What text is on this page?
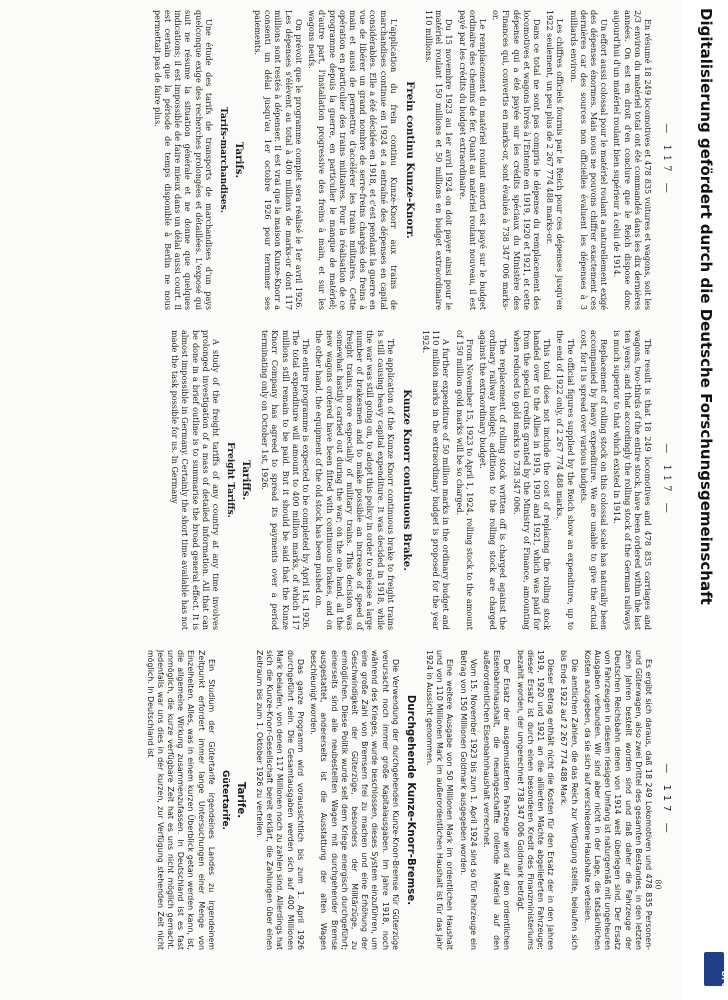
— 117 —

En résumé 18 249 locomotives et 478 835 voitures et wagons, soit les 2/3 environ du matériel total ont été commandés dans les dix dernières années. On est en droit d'en conclure que le Reich dispose donc aujourd'hui d'un matériel roulant bien supérieur à celui de 1914.

Un effort aussi colossal pour le matériel roulant a naturellement exigé des dépenses énormes. Mais nous ne pouvons chiffrer exactement ces dernières car des sources non officielles évaluent les dépenses à 3 milliards environ.

Les chiffres officiels fournis par le Reich pour ces dépenses jusqu'en 1922 seulement, un peu plus de 2 267 774 488 marks-or.

Dans ce total ne sont pas compris le dépense du remplacement des locomotives et wagons livrés à l'Entente en 1919, 1920 et 1921, et cette dépense qui a été payée sur les crédits spéciaux du Ministère des Finances qui, convertis en marks-or, sont évalués à 738 347 006 marks-or.

Le remplacement du matériel roulant amorti est payé sur le budget ordinaire des chemins de fer. Quant au matériel roulant nouveau, il est payé par les crédits du budget extraordinaire.

Du 15 novembre 1923 au 1er avril 1924 on doit payer ainsi pour le matériel roulant 150 millions et 50 millions en budget extraordinaire 110 millions.

Frein continu Kunze-Knorr.

L'application du frein continu Kunze-Knorr aux trains de marchandises continue en 1924 et a entraîné des dépenses en capital considérables. Elle a été décidée en 1918, et c'est pendant la guerre en vue de libérer un grand nombre de serre-freins chargés des freins à main et aussi de permettre d'accélérer les trains militaires. Cette opération en particulier des trains militaires. Pour la réalisation de ce programme depuis la guerre, en particulier le manque de matériel; d'autre part, l'installation progressive des freins à main, et sur les wagons neufs.

On prévoit que le programme complet sera réalisé le 1er avril 1926. Les dépenses s'élèvent au total à 400 millions de marks-or dont 117 millions sont restés à dépenser. Il est vrai que la maison Kunze-Knorr a consenti un délai jusqu'au 1er octobre 1926 pour terminer ses paiements.

Tarifs.
Tarifs-marchandises.

Une étude des tarifs de transports de marchandises d'un pays quelconque exige des recherches prolongées et détaillées. L'exposé qui suit ne résume la situation générale et ne donne que quelques indications; il est impossible de faire mieux dans un délai aussi court. Il est certain que la période de temps disponible à Berlin ne nous permettait pas de faire plus.

— 117 —

The result is that 18 249 locomotives and 478 835 carriages and wagons, two-thirds of the entire stock, have been ordered within the last ten years; and that accordingly the rolling stock of the German railways is much superior to that which existed in 1914.

Replacement of rolling stock on this colossal scale has naturally been accompanied by heavy expenditure. We are unable to give the actual cost, for it is spread over various budgets.

The official figures supplied by the Reich show an expenditure, up to the end of 1922 only, of 2 267 774 488 marks.

This total does not include the cost of replacing the rolling stock handed over to the Allies in 1919, 1920 and 1921, which was paid for from the special credits granted by the Ministry of Finance, amounting when reduced to gold marks to 738 347 006.

The replacement of rolling stock written off is charged against the ordinary railway budget; additions to the rolling stock are charged against the extraordinary budget.

From November 15, 1923 to April 1, 1924, rolling stock to the amount of 150 million gold marks will be so charged.

A further expenditure of 50 million marks in the ordinary budget and 110 million marks in the extraordinary budget is proposed for the year 1924.

Kunze Knorr continuous Brake.

The application of the Kunze Knorr continuous brake to freight trains is still causing heavy capital expenditure. It was decided in 1918, while the war was still going on, to adopt this policy in order to release a large number of brakesmen and to make possible an increase of speed of freight trains, more especially of military trains. This decision was somewhat hastily carried out during the war; on the one hand, all the new wagons ordered have been fitted with continuous brakes, and on the other hand, the equipment of the old stock has been pushed on.

The entire programme is expected to be completed by April 1st, 1926. The total expenditure will amount to 400 million marks, of which 117 millions still remain to be paid. But it should be said that the Kunze Knorr Company has agreed to spread its payments over a period terminating only on October 1st, 1926.

Tariffs.
Freight Tariffs.

A study of the freight tariffs of any country at any time involves prolonged investigation of a mass of detailed information. All that can be done in a brief outline is to summarise the broad general effect. It is almost impossible in Germany. Certainly the short time available has not made the task possible for us. In Germany

— 117 —

Es ergibt sich daraus, daß 18 249 Lokomotiven und 478 835 Personen- und Güterwagen, also zwei Drittel des gesamten Bestandes, in den letzten zehn Jahren bestellt worden sind und daß daher die Fahrzeuge der Deutschen Reichsbahn denen von 1914 weit überlegen sind. Der Ersatz von Fahrzeugen in diesem riesigen Umfang ist naturgemäß mit ungeheuren Ausgaben verbunden. Wir sind aber nicht in der Lage, die tatsächlichen Kosten anzugeben, da sie sich auf verschiedene Haushalte verteilen.

Die amtlichen Zahlen, die das Reich zur Verfügung stellte, belaufen sich bis Ende 1922 auf 2 267 774 488 Mark.

Dieser Betrag enthält nicht die Kosten für den Ersatz der in den Jahren 1919, 1920 und 1921 an die alliierten Mächte abgelieferten Fahrzeuge; dieser Ersatz ist durch einen besonderen Kredit des Finanzministeriums bezahlt worden, der umgerechnet 738 347 006 Goldmark beträgt.

Der Ersatz der ausgemusterten Fahrzeuge wird auf den ordentlichen Eisenbahnhaushalt, die neuangeschaffte rollende Material auf den außerordentlichen Eisenbahnhaushalt verrechnet.

Vom 15. November 1923 bis zum 1. April 1924 sind so für Fahrzeuge ein Betrag von 150 Millionen Goldmark ausgegeben worden.

Eine weitere Ausgabe von 50 Millionen Mark im ordentlichen Haushalt und von 110 Millionen Mark im außerordentlichen Haushalt ist für das Jahr 1924 in Aussicht genommen.

Durchgehende Kunze-Knorr-Bremse.

Die Verwendung der durchgehenden Kunze-Knorr-Bremse für Güterzüge verursacht noch immer große Kapitalausgaben. Im Jahre 1918, noch während des Krieges, wurde beschlossen, dieses System einzuführen, um eine große Zahl von Bremsern frei zu machen und eine Erhöhung der Geschwindigkeit der Güterzüge, besonders der Militärzüge, zu ermöglichen. Diese Politik wurde seit dem Kriege energisch durchgeführt; einerseits sind alle neubestellten Wagen mit durchgehender Bremse ausgestattet, andererseits ist die Ausstattung der alten Wagen beschleunigt worden.

Das ganze Programm wird voraussichtlich bis zum 1. April 1926 durchgeführt sein. Die Gesamtausgaben werden sich auf 400 Millionen Mark belaufen, von denen 117 Millionen noch zu zahlen sind. Allerdings hat sich die Kunze-Knorr-Gesellschaft bereit erklärt, die Zahlungen über einen Zeitraum bis zum 1. Oktober 1926 zu verteilen.

Tarife.
Gütertarife.

Ein Studium der Gütertarife irgendeines Landes zu irgendeinem Zeitpunkt erfordert immer lange Untersuchungen einer Menge von Einzelheiten. Alles, was in einem kurzen Überblick getan werden kann, ist, die allgemeine Wirkung zusammenzufassen. In Deutschland ist es fast unmöglich, die kurze verfügbare Zeit hat es uns nicht möglich gemacht. Jedenfalls war uns dies in der kurzen, zur Verfügung stehenden Zeit nicht möglich. In Deutschland ist

80
Digitalisierung gefördert durch die Deutsche Forschungsgemeinschaft
DFG
